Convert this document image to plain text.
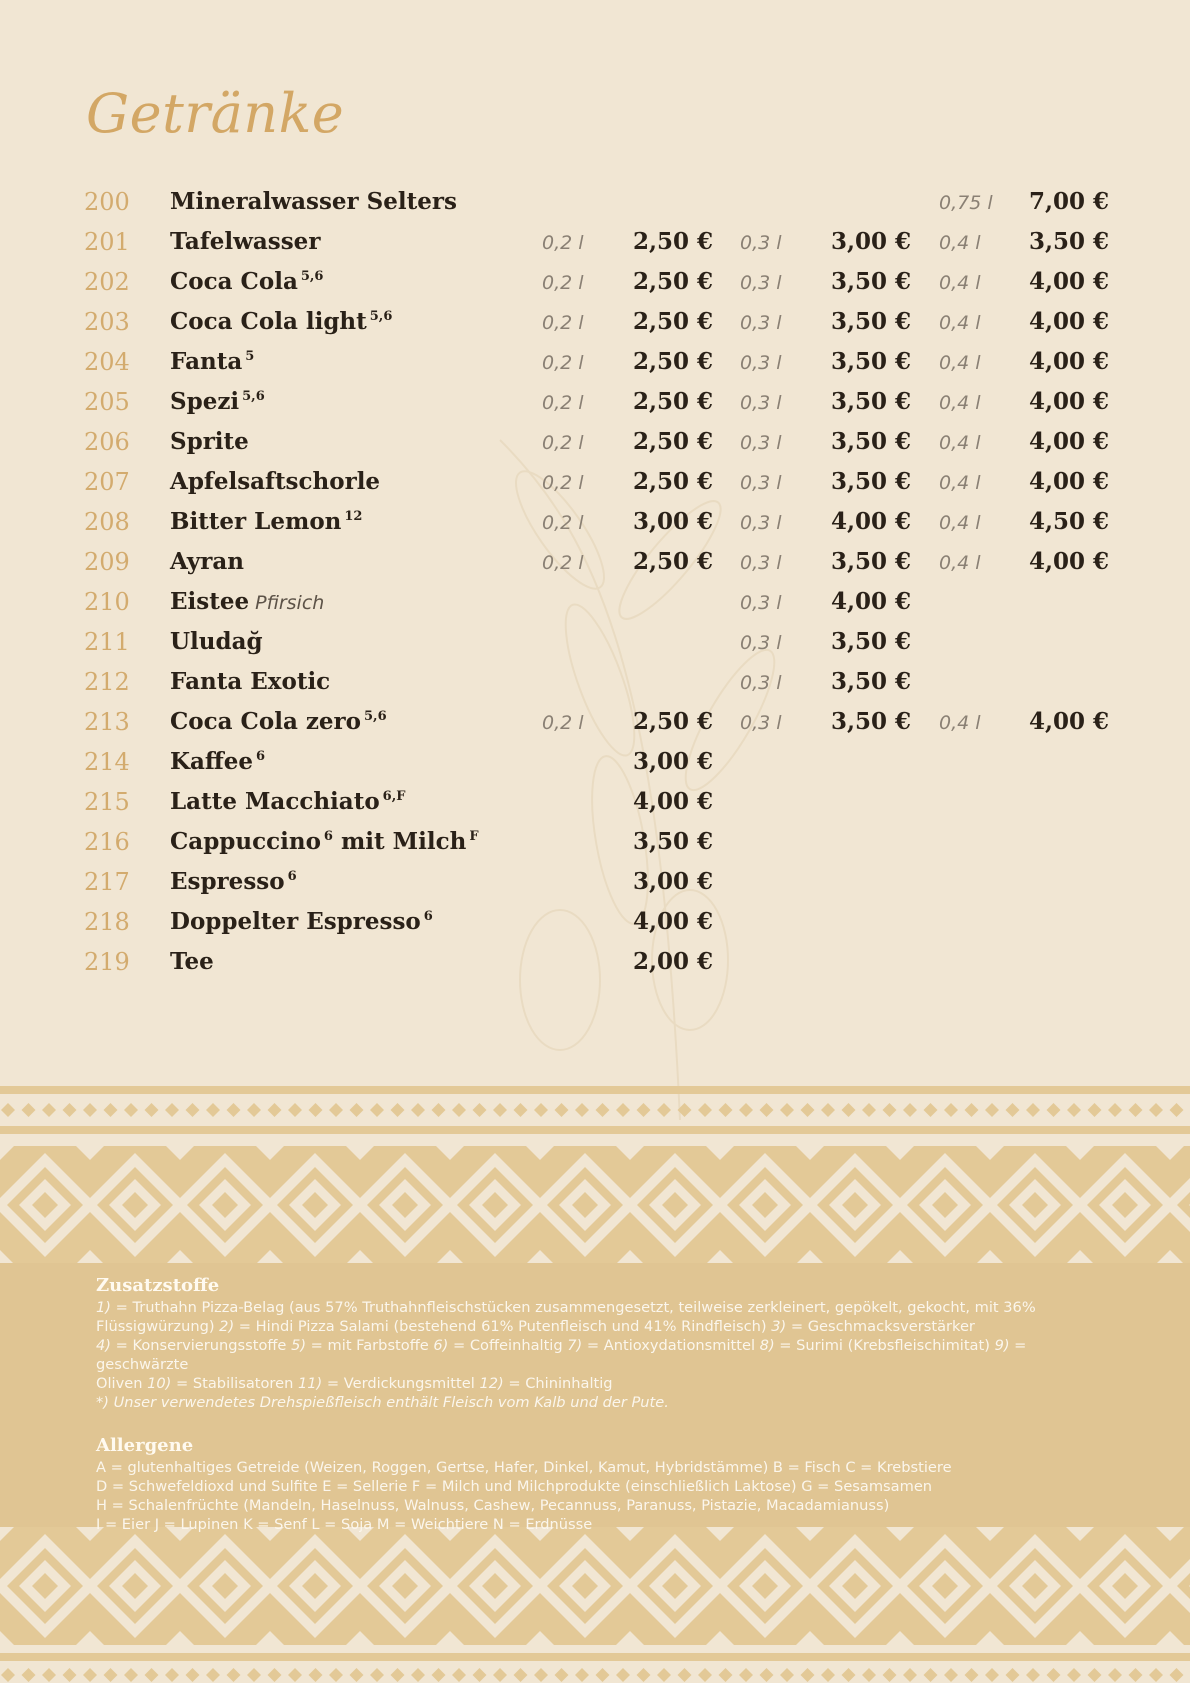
Getränke
200 Mineralwasser Selters	0,75 l 7,00 €
201 Tafelwasser	0,2 l 2,50 € 0,3 l 3,00 € 0,4 l 3,50 €
202 Coca Cola $^{5,6}$	0,2 l 2,50 € 0,3 l 3,50 € 0,4 l 4,00 €
203 Coca Cola light $^{5,6}$	0,2 l 2,50 € 0,3 l 3,50 € 0,4 l 4,00 €
204 Fanta $^5$	0,2 l 2,50 € 0,3 l 3,50 € 0,4 l 4,00 €
205 Spezi $^{5,6}$	0,2 l 2,50 € 0,3 l 3,50 € 0,4 l 4,00 €
206 Sprite	0,2 l 2,50 € 0,3 l 3,50 € 0,4 l 4,00 €
207 Apfelsaftschorle	0,2 l 2,50 € 0,3 l 3,50 € 0,4 l 4,00 €
208 Bitter Lemon $^{12}$	0,2 l 3,00 € 0,3 l 4,00 € 0,4 l 4,50 €
209 Ayran	0,2 l 2,50 € 0,3 l 3,50 € 0,4 l 4,00 €
210 Eistee Pfirsich	0,3 l 4,00 €
211 Uludağ	0,3 l 3,50 €
212 Fanta Exotic	0,3 l 3,50 €
213 Coca Cola zero $^{5,6}$	0,2 l 2,50 € 0,3 l 3,50 € 0,4 l 4,00 €
214 Kaffee $^6$	3,00 €
215 Latte Macchiato $^{6,F}$	4,00 €
216 Cappuccino $^6$ mit Milch $^F$	3,50 €
217 Espresso $^6$	3,00 €
218 Doppelter Espresso $^6$	4,00 €
219 Tee	2,00 €
Zusatzstoffe

1) = Truthahn Pizza-Belag (aus 57% Truthahnfleischstücken zusammengesetzt, teilweise zerkleinert, gepökelt, gekocht, mit 36%

Flüssigwürzung) 2) = Hindi Pizza Salami (bestehend 61% Putenfleisch und 41% Rindfleisch) 3) = Geschmacksverstärker

4) = Konservierungsstoffe 5) = mit Farbstoffe 6) = Coffeinhaltig 7) = Antioxydationsmittel 8) = Surimi (Krebsfleischimitat) 9) = geschwärzte

Oliven 10) = Stabilisatoren 11) = Verdickungsmittel 12) = Chininhaltig

*) Unser verwendetes Drehspießfleisch enthält Fleisch vom Kalb und der Pute.

Allergene

A = glutenhaltiges Getreide (Weizen, Roggen, Gertse, Hafer, Dinkel, Kamut, Hybridstämme) B = Fisch C = Krebstiere

D = Schwefeldioxd und Sulfite E = Sellerie F = Milch und Milchprodukte (einschließlich Laktose) G = Sesamsamen

H = Schalenfrüchte (Mandeln, Haselnuss, Walnuss, Cashew, Pecannuss, Paranuss, Pistazie, Macadamianuss)

I = Eier J = Lupinen K = Senf L = Soja M = Weichtiere N = Erdnüsse
